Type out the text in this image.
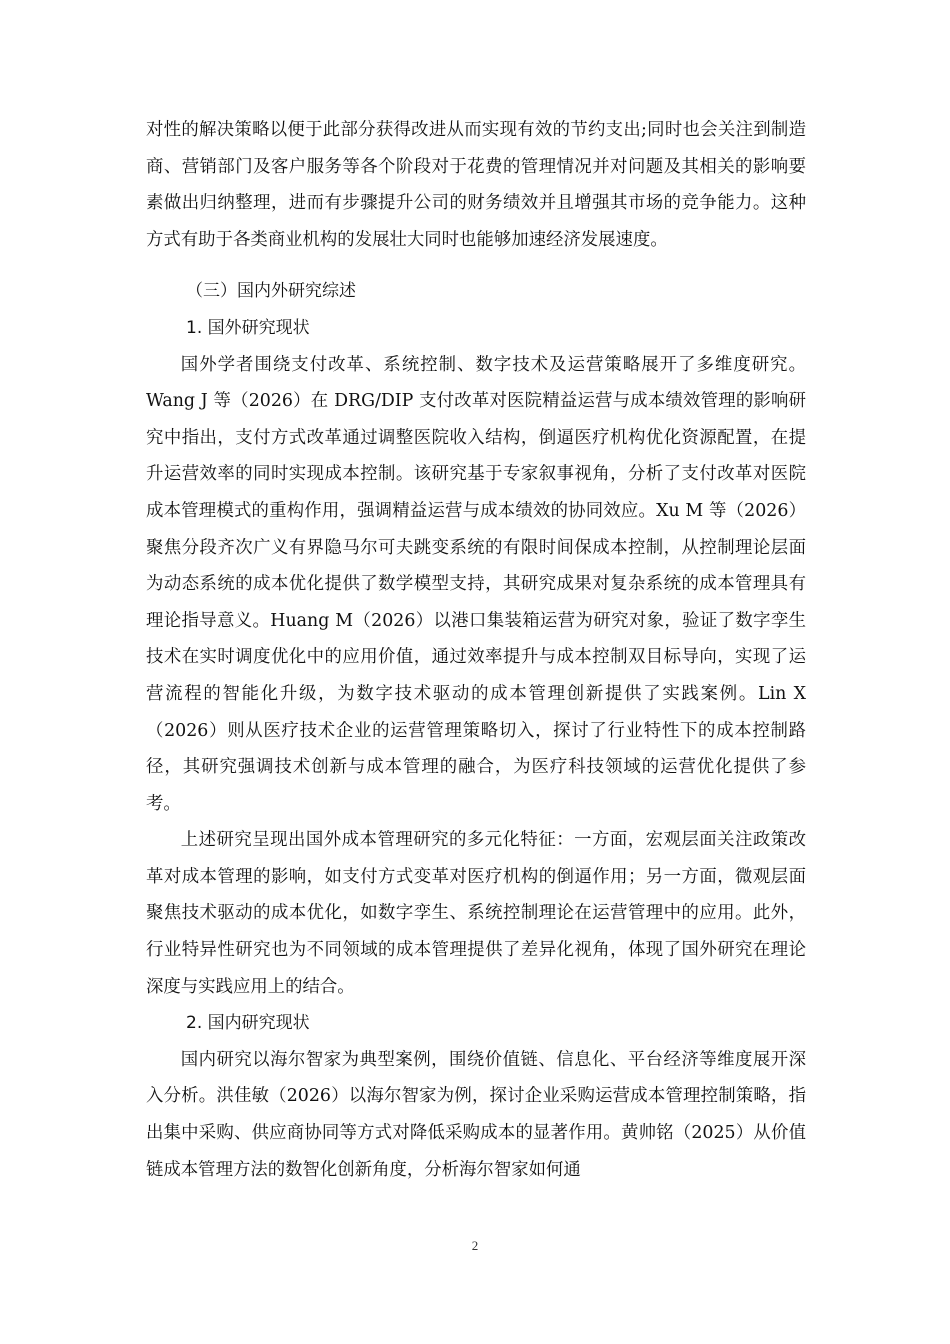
对性的解决策略以便于此部分获得改进从而实现有效的节约支出;同时也会关注到制造商、营销部门及客户服务等各个阶段对于花费的管理情况并对问题及其相关的影响要素做出归纳整理，进而有步骤提升公司的财务绩效并且增强其市场的竞争能力。这种方式有助于各类商业机构的发展壮大同时也能够加速经济发展速度。

（三）国内外研究综述

1. 国外研究现状

国外学者围绕支付改革、系统控制、数字技术及运营策略展开了多维度研究。Wang J 等（2026）在 DRG/DIP 支付改革对医院精益运营与成本绩效管理的影响研究中指出，支付方式改革通过调整医院收入结构，倒逼医疗机构优化资源配置，在提升运营效率的同时实现成本控制。该研究基于专家叙事视角，分析了支付改革对医院成本管理模式的重构作用，强调精益运营与成本绩效的协同效应。Xu M 等（2026）聚焦分段齐次广义有界隐马尔可夫跳变系统的有限时间保成本控制，从控制理论层面为动态系统的成本优化提供了数学模型支持，其研究成果对复杂系统的成本管理具有理论指导意义。Huang M（2026）以港口集装箱运营为研究对象，验证了数字孪生技术在实时调度优化中的应用价值，通过效率提升与成本控制双目标导向，实现了运营流程的智能化升级，为数字技术驱动的成本管理创新提供了实践案例。Lin X（2026）则从医疗技术企业的运营管理策略切入，探讨了行业特性下的成本控制路径，其研究强调技术创新与成本管理的融合，为医疗科技领域的运营优化提供了参考。

上述研究呈现出国外成本管理研究的多元化特征：一方面，宏观层面关注政策改革对成本管理的影响，如支付方式变革对医疗机构的倒逼作用；另一方面，微观层面聚焦技术驱动的成本优化，如数字孪生、系统控制理论在运营管理中的应用。此外，行业特异性研究也为不同领域的成本管理提供了差异化视角，体现了国外研究在理论深度与实践应用上的结合。

2. 国内研究现状

国内研究以海尔智家为典型案例，围绕价值链、信息化、平台经济等维度展开深入分析。洪佳敏（2026）以海尔智家为例，探讨企业采购运营成本管理控制策略，指出集中采购、供应商协同等方式对降低采购成本的显著作用。黄帅铭（2025）从价值链成本管理方法的数智化创新角度，分析海尔智家如何通

2
